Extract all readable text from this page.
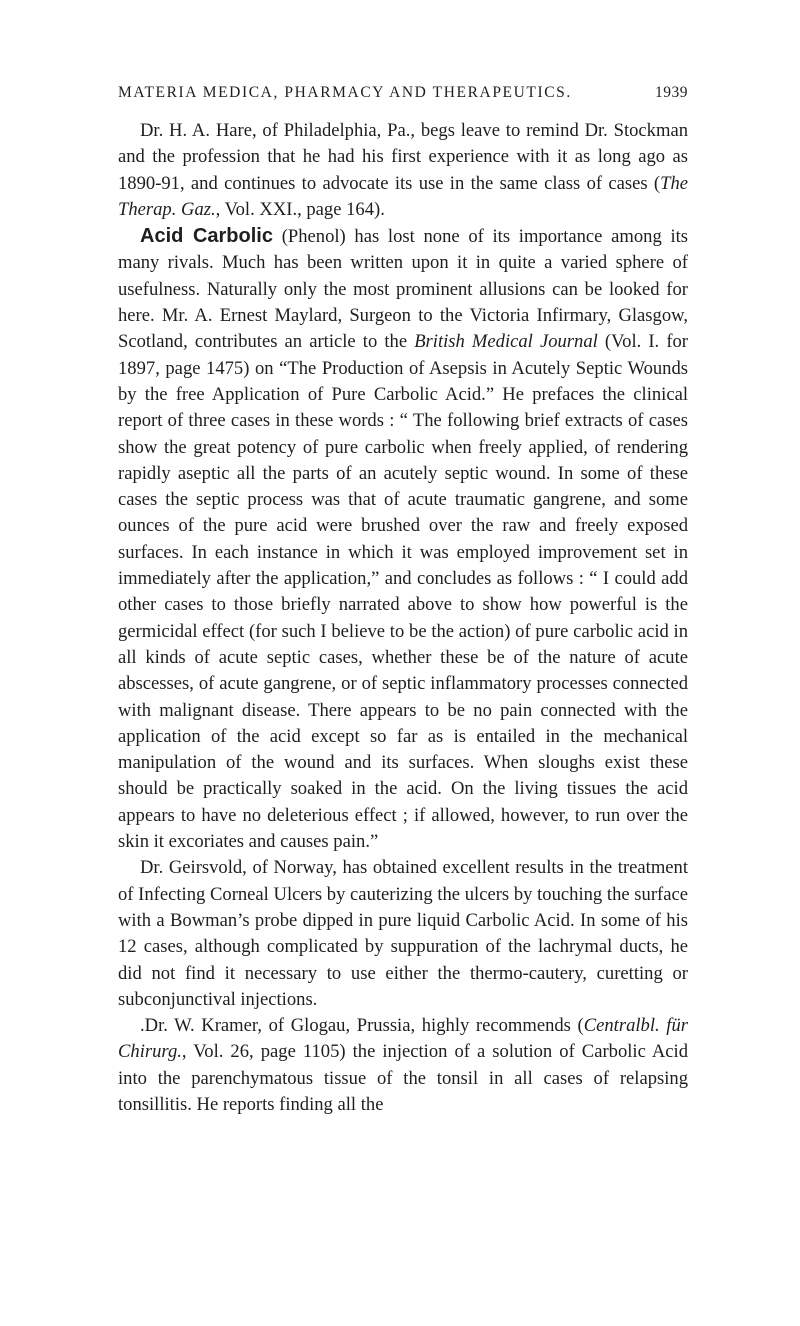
MATERIA MEDICA, PHARMACY AND THERAPEUTICS.	1939

Dr. H. A. Hare, of Philadelphia, Pa., begs leave to remind Dr. Stockman and the profession that he had his first experience with it as long ago as 1890-91, and continues to advocate its use in the same class of cases (The Therap. Gaz., Vol. XXI., page 164).

Acid Carbolic (Phenol) has lost none of its importance among its many rivals. Much has been written upon it in quite a varied sphere of usefulness. Naturally only the most prominent allusions can be looked for here. Mr. A. Ernest Maylard, Surgeon to the Victoria Infirmary, Glasgow, Scotland, contributes an article to the British Medical Journal (Vol. I. for 1897, page 1475) on “The Production of Asepsis in Acutely Septic Wounds by the free Application of Pure Carbolic Acid.” He prefaces the clinical report of three cases in these words : “ The following brief extracts of cases show the great potency of pure carbolic when freely applied, of rendering rapidly aseptic all the parts of an acutely septic wound. In some of these cases the septic process was that of acute traumatic gangrene, and some ounces of the pure acid were brushed over the raw and freely exposed surfaces. In each instance in which it was employed improvement set in immediately after the application,” and concludes as follows : “ I could add other cases to those briefly narrated above to show how powerful is the germicidal effect (for such I believe to be the action) of pure carbolic acid in all kinds of acute septic cases, whether these be of the nature of acute abscesses, of acute gangrene, or of septic inflammatory processes connected with malignant disease. There appears to be no pain connected with the application of the acid except so far as is entailed in the mechanical manipulation of the wound and its surfaces. When sloughs exist these should be practically soaked in the acid. On the living tissues the acid appears to have no deleterious effect ; if allowed, however, to run over the skin it excoriates and causes pain.”

Dr. Geirsvold, of Norway, has obtained excellent results in the treatment of Infecting Corneal Ulcers by cauterizing the ulcers by touching the surface with a Bowman’s probe dipped in pure liquid Carbolic Acid. In some of his 12 cases, although complicated by suppuration of the lachrymal ducts, he did not find it necessary to use either the thermo-cautery, curetting or subconjunctival injections.

.Dr. W. Kramer, of Glogau, Prussia, highly recommends (Centralbl. für Chirurg., Vol. 26, page 1105) the injection of a solution of Carbolic Acid into the parenchymatous tissue of the tonsil in all cases of relapsing tonsillitis. He reports finding all the
